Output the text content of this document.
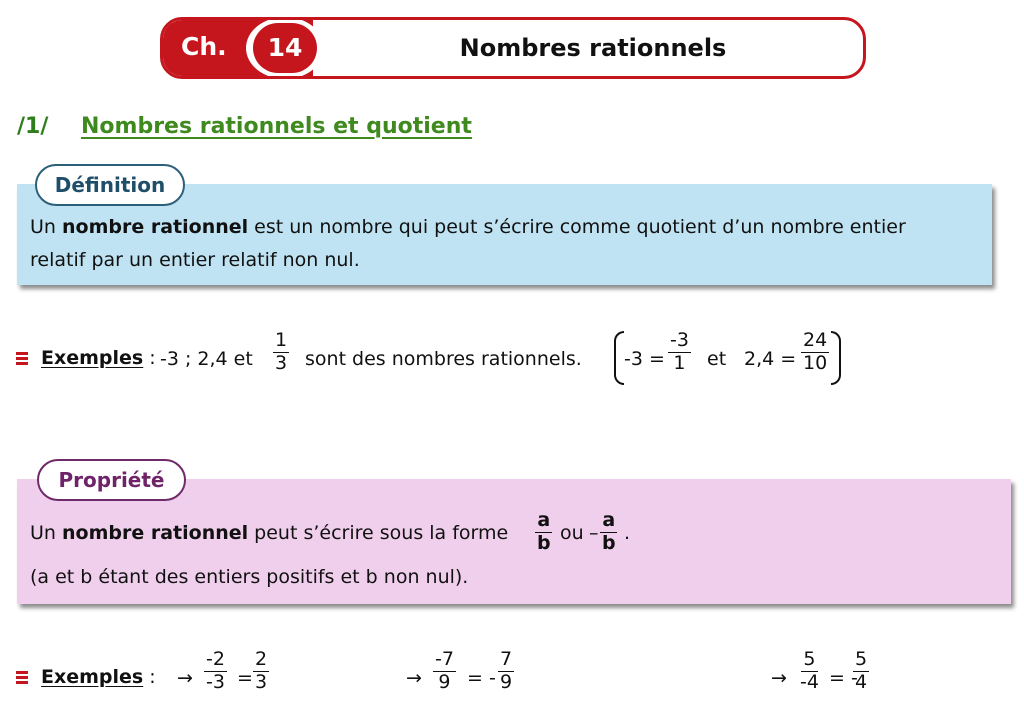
Ch.	14	Nombres rationnels
/1/ Nombres rationnels et quotient
Définition
Un nombre rationnel est un nombre qui peut s’écrire comme quotient d’un nombre entier
relatif par un entier relatif non nul.
Exemples : -3 ; 2,4 et $\frac{1}{3}$ sont des nombres rationnels. $-3 = \frac{-3}{1}$ et $2,4 = \frac{24}{10}$
Propriété
Un nombre rationnel peut s’écrire sous la forme $\frac{a}{b}$ ou – $\frac{a}{b}$ .
(a et b étant des entiers positifs et b non nul).
Exemples : → $\frac{-2}{-3} = \frac{2}{3}$	→ $\frac{-7}{9}$ = - $\frac{7}{9}$	→ $\frac{5}{-4}$ = -
$\frac{5}{4}$
